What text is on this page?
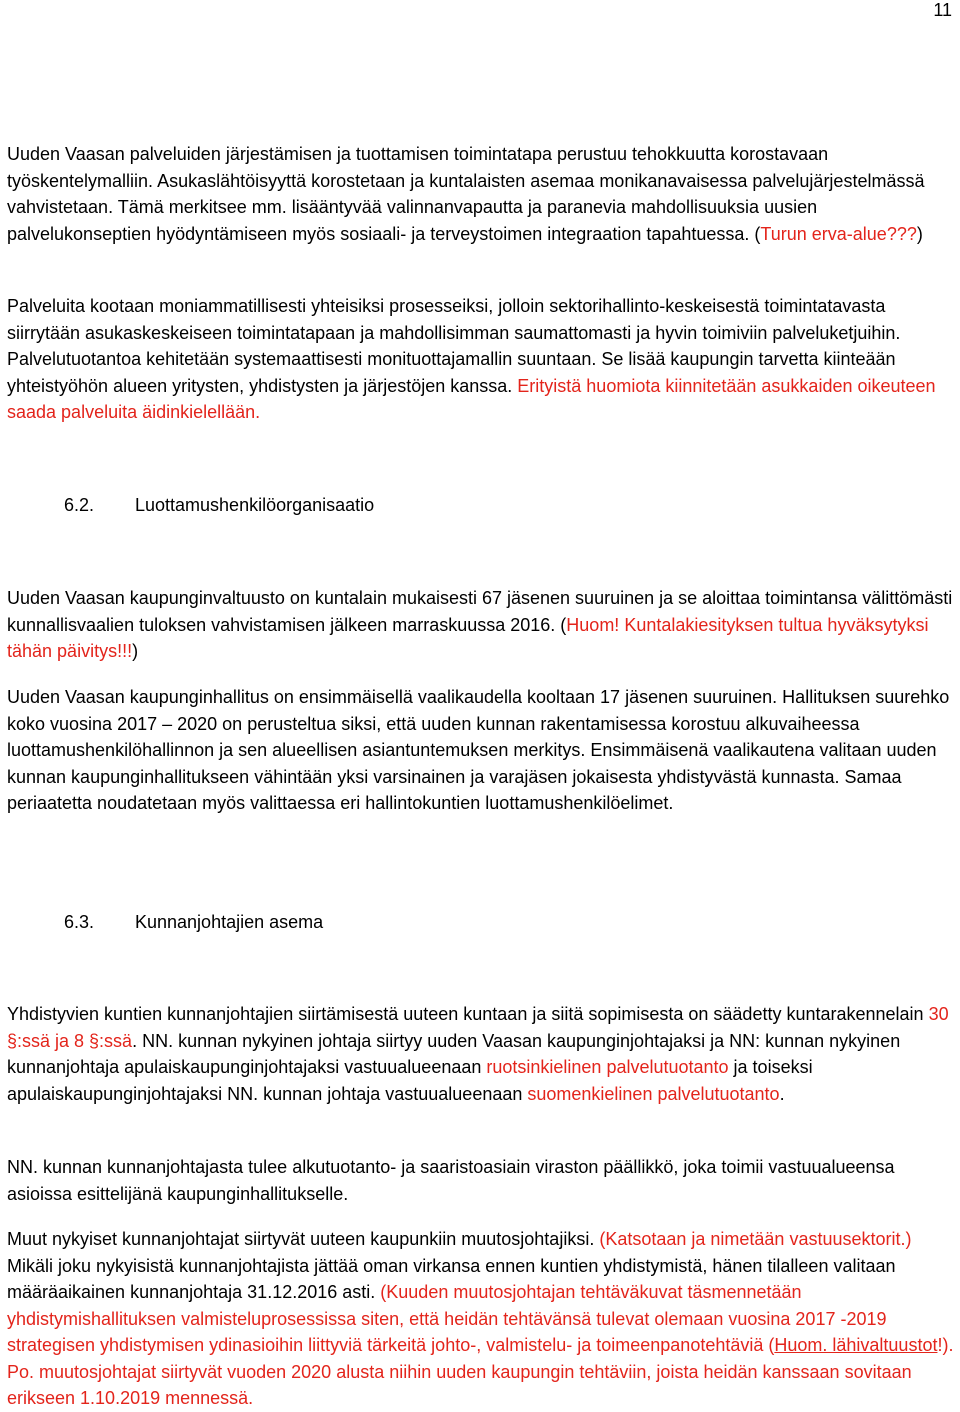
11

Uuden Vaasan palveluiden järjestämisen ja tuottamisen toimintatapa perustuu tehokkuutta korostavaan työskentelymalliin. Asukaslähtöisyyttä korostetaan ja kuntalaisten asemaa monikanavaisessa palvelujärjestelmässä vahvistetaan. Tämä merkitsee mm. lisääntyvää valinnanvapautta ja paranevia mahdollisuuksia uusien palvelukonseptien hyödyntämiseen myös sosiaali- ja terveystoimen integraation tapahtuessa. (Turun erva-alue???)

Palveluita kootaan moniammatillisesti yhteisiksi prosesseiksi, jolloin sektorihallinto-keskeisestä toimintatavasta siirrytään asukaskeskeiseen toimintatapaan ja mahdollisimman saumattomasti ja hyvin toimiviin palveluketjuihin. Palvelutuotantoa kehitetään systemaattisesti monituottajamallin suuntaan. Se lisää kaupungin tarvetta kiinteään yhteistyöhön alueen yritysten, yhdistysten ja järjestöjen kanssa. Erityistä huomiota kiinnitetään asukkaiden oikeuteen saada palveluita äidinkielellään.

6.2. Luottamushenkilöorganisaatio

Uuden Vaasan kaupunginvaltuusto on kuntalain mukaisesti 67 jäsenen suuruinen ja se aloittaa toimintansa välittömästi kunnallisvaalien tuloksen vahvistamisen jälkeen marraskuussa 2016. (Huom! Kuntalakiesityksen tultua hyväksytyksi tähän päivitys!!!)

Uuden Vaasan kaupunginhallitus on ensimmäisellä vaalikaudella kooltaan 17 jäsenen suuruinen. Hallituksen suurehko koko vuosina 2017 – 2020 on perusteltua siksi, että uuden kunnan rakentamisessa korostuu alkuvaiheessa luottamushenkilöhallinnon ja sen alueellisen asiantuntemuksen merkitys. Ensimmäisenä vaalikautena valitaan uuden kunnan kaupunginhallitukseen vähintään yksi varsinainen ja varajäsen jokaisesta yhdistyvästä kunnasta. Samaa periaatetta noudatetaan myös valittaessa eri hallintokuntien luottamushenkilöelimet.

6.3. Kunnanjohtajien asema

Yhdistyvien kuntien kunnanjohtajien siirtämisestä uuteen kuntaan ja siitä sopimisesta on säädetty kuntarakennelain 30 §:ssä ja 8 §:ssä. NN. kunnan nykyinen johtaja siirtyy uuden Vaasan kaupunginjohtajaksi ja NN: kunnan nykyinen kunnanjohtaja apulaiskaupunginjohtajaksi vastuualueenaan ruotsinkielinen palvelutuotanto ja toiseksi apulaiskaupunginjohtajaksi NN. kunnan johtaja vastuualueenaan suomenkielinen palvelutuotanto.

NN. kunnan kunnanjohtajasta tulee alkutuotanto- ja saaristoasiain viraston päällikkö, joka toimii vastuualueensa asioissa esittelijänä kaupunginhallitukselle.

Muut nykyiset kunnanjohtajat siirtyvät uuteen kaupunkiin muutosjohtajiksi. (Katsotaan ja nimetään vastuusektorit.) Mikäli joku nykyisistä kunnanjohtajista jättää oman virkansa ennen kuntien yhdistymistä, hänen tilalleen valitaan määräaikainen kunnanjohtaja 31.12.2016 asti. (Kuuden muutosjohtajan tehtäväkuvat täsmennetään yhdistymishallituksen valmisteluprosessissa siten, että heidän tehtävänsä tulevat olemaan vuosina 2017 -2019 strategisen yhdistymisen ydinasioihin liittyviä tärkeitä johto-, valmistelu- ja toimeenpanotehtäviä (Huom. lähivaltuustot!). Po. muutosjohtajat siirtyvät vuoden 2020 alusta niihin uuden kaupungin tehtäviin, joista heidän kanssaan sovitaan erikseen 1.10.2019 mennessä.
